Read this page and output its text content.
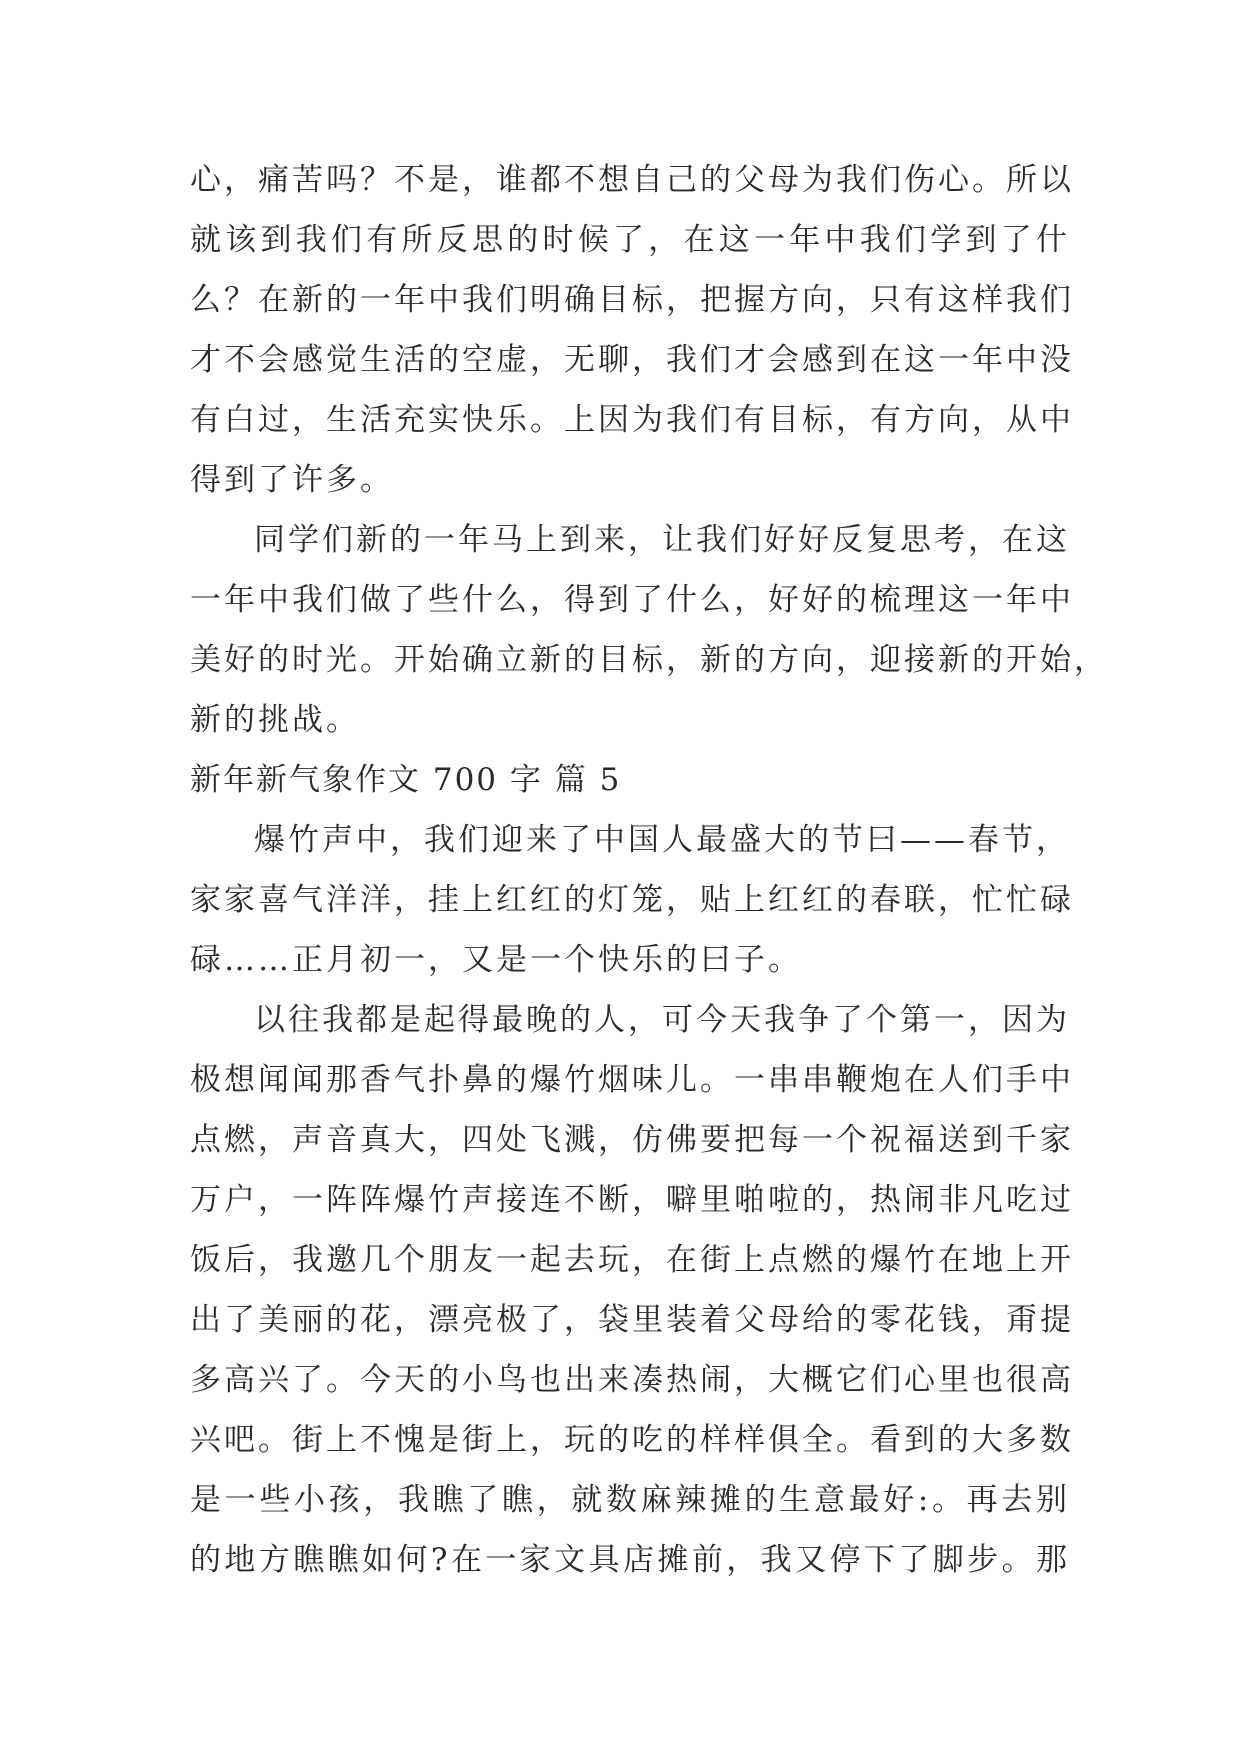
心，痛苦吗？不是，谁都不想自己的父母为我们伤心。所以
就该到我们有所反思的时候了，在这一年中我们学到了什
么？在新的一年中我们明确目标，把握方向，只有这样我们
才不会感觉生活的空虚，无聊，我们才会感到在这一年中没
有白过，生活充实快乐。上因为我们有目标，有方向，从中
得到了许多。
同学们新的一年马上到来，让我们好好反复思考，在这
一年中我们做了些什么，得到了什么，好好的梳理这一年中
美好的时光。开始确立新的目标，新的方向，迎接新的开始，
新的挑战。
新年新气象作文 700 字 篇 5
爆竹声中，我们迎来了中国人最盛大的节曰——春节，
家家喜气洋洋，挂上红红的灯笼，贴上红红的春联，忙忙碌
碌……正月初一，又是一个快乐的曰子。
以往我都是起得最晚的人，可今天我争了个第一，因为
极想闻闻那香气扑鼻的爆竹烟味儿。一串串鞭炮在人们手中
点燃，声音真大，四处飞溅，仿佛要把每一个祝福送到千家
万户，一阵阵爆竹声接连不断，噼里啪啦的，热闹非凡吃过
饭后，我邀几个朋友一起去玩，在街上点燃的爆竹在地上开
出了美丽的花，漂亮极了，袋里装着父母给的零花钱，甭提
多高兴了。今天的小鸟也出来凑热闹，大概它们心里也很高
兴吧。街上不愧是街上，玩的吃的样样俱全。看到的大多数
是一些小孩，我瞧了瞧，就数麻辣摊的生意最好:。再去别
的地方瞧瞧如何?在一家文具店摊前，我又停下了脚步。那
